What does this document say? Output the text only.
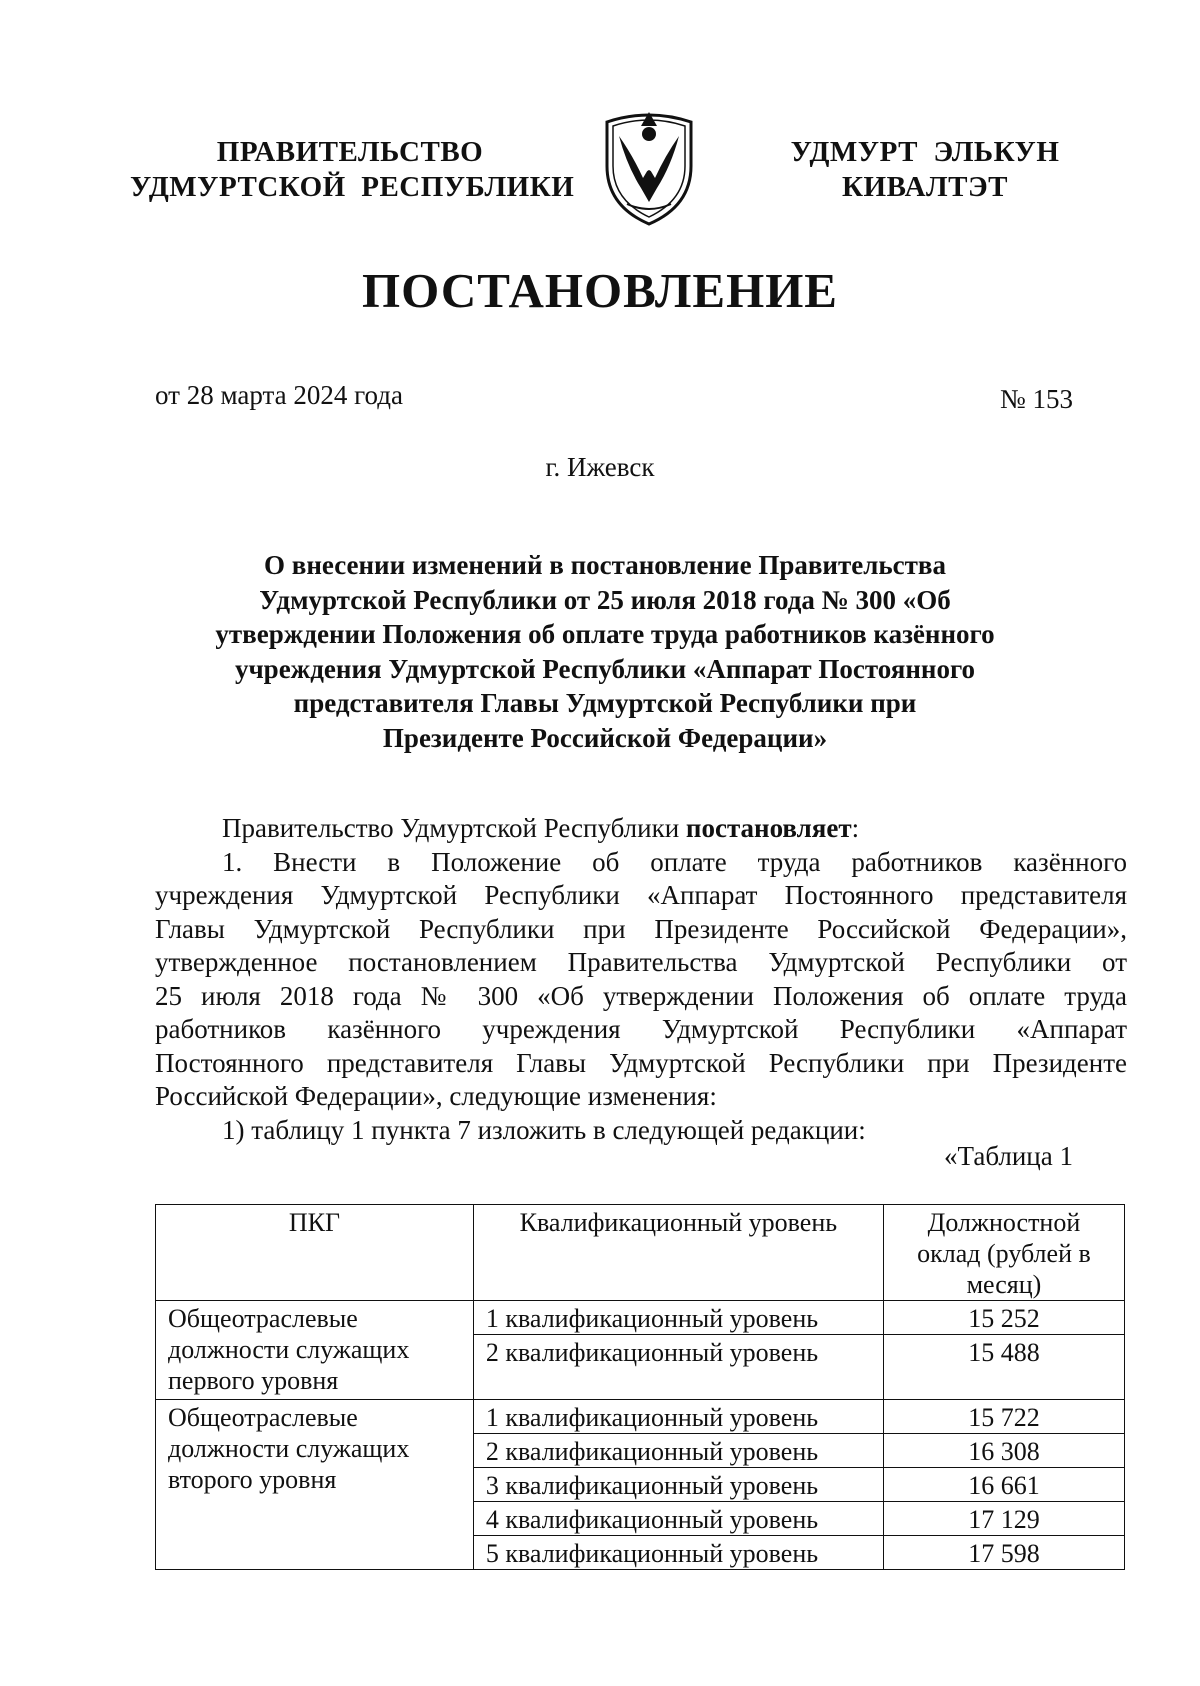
ПРАВИТЕЛЬСТВО
УДМУРТСКОЙ  РЕСПУБЛИКИ
УДМУРТ  ЭЛЬКУН
КИВАЛТЭТ
ПОСТАНОВЛЕНИЕ
от 28 марта 2024 года	№ 153
г. Ижевск
О внесении изменений в постановление Правительства
Удмуртской Республики от 25 июля 2018 года № 300 «Об
утверждении Положения об оплате труда работников казённого
учреждения Удмуртской Республики «Аппарат Постоянного
представителя Главы Удмуртской Республики при
Президенте Российской Федерации»
Правительство Удмуртской Республики постановляет:
1. Внести в Положение об оплате труда работников казённого
учреждения Удмуртской Республики «Аппарат Постоянного представителя
Главы Удмуртской Республики при Президенте Российской Федерации»,
утвержденное постановлением Правительства Удмуртской Республики от
25 июля 2018 года № 300 «Об утверждении Положения об оплате труда
работников казённого учреждения Удмуртской Республики «Аппарат
Постоянного представителя Главы Удмуртской Республики при Президенте
Российской Федерации», следующие изменения:
1) таблицу 1 пункта 7 изложить в следующей редакции:
«Таблица 1
ПКГ	Квалификационный уровень	Должностной оклад (рублей в месяц)
Общеотраслевые должности служащих первого уровня	1 квалификационный уровень	15 252
	2 квалификационный уровень	15 488
Общеотраслевые должности служащих второго уровня	1 квалификационный уровень	15 722
	2 квалификационный уровень	16 308
	3 квалификационный уровень	16 661
	4 квалификационный уровень	17 129
	5 квалификационный уровень	17 598
